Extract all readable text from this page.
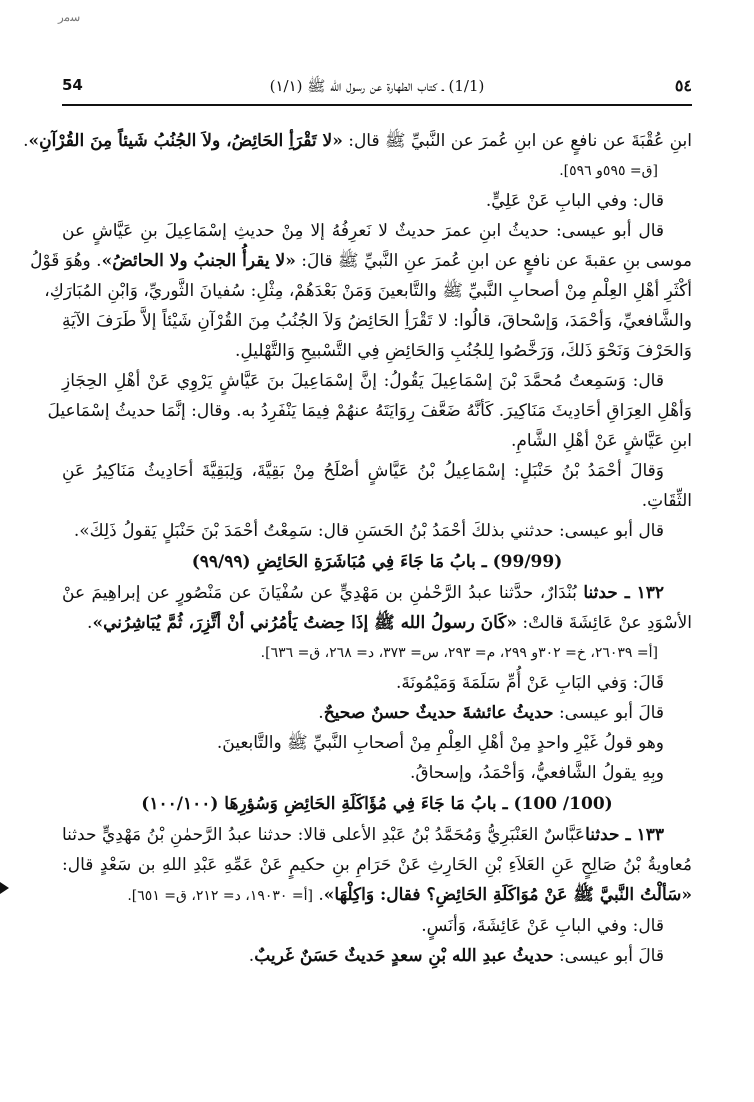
ﺳﻣﺭ
٥٤
(1/1) ـ كتاب الطهارة عن رسول الله ﷺ (١/١)
54
ابنِ عُقْبَةَ عن نافعٍ عن ابنِ عُمرَ عن النَّبيِّ ﷺ قال: «لا تَقْرَأِ الحَائِضُ، ولاَ الجُنُبُ شَيئاً مِنَ القُرْآنِ».
[ق= ٥٩٥و ٥٩٦].
قال: وفي البابِ عَنْ عَلِيٍّ.
قال أبو عيسى: حديثُ ابنِ عمرَ حديثٌ لا نَعرِفُهُ إلا مِنْ حديثِ إسْمَاعِيلَ بنِ عَيَّاشٍ عن
موسى بنِ عقبةَ عن نافعٍ عن ابنِ عُمرَ عنِ النَّبيِّ ﷺ قالَ: «لا يقرأُ الجنبُ ولا الحائضُ». وهُوَ قَوْلُ
أكْثَرِ أهْلِ العِلْمِ مِنْ أصحابِ النَّبيِّ ﷺ والتَّابعينَ وَمَنْ بَعْدَهُمْ، مِثْلِ: سُفيانَ الثَّوريِّ، وَابْنِ المُبَارَكِ،
والشَّافعيِّ، وَأحْمَدَ، وَإسْحاقَ، قالُوا: لا تَقْرَأِ الحَائِضُ وَلاَ الجُنُبُ مِنَ القُرْآنِ شَيْئاً إلاَّ طَرَفَ الآيَةِ
وَالحَرْفَ وَنَحْوَ ذَلكَ، وَرَخَّصُوا لِلجُنُبِ وَالحَائِضِ فِي التَّسْبيحِ وَالتَّهْليلِ.
قال: وَسَمِعتُ مُحمَّدَ بْنَ إسْمَاعِيلَ يَقُولُ: إنَّ إسْمَاعِيلَ بنَ عَيَّاشٍ يَرْوِي عَنْ أهْلِ الحِجَازِ
وَأهْلِ العِرَاقِ أحَادِيثَ مَنَاكِيرَ. كَأنَّهُ ضَعَّفَ رِوَايَتَهُ عنهُمْ فِيمَا يَنْفَرِدُ به. وقال: إنَّمَا حديثُ إسْمَاعيلَ
ابنِ عَيَّاشٍ عَنْ أهْلِ الشَّامِ.
وَقالَ أحْمَدُ بْنُ حَنْبَلٍ: إسْمَاعِيلُ بْنُ عَيَّاشٍ أصْلَحُ مِنْ بَقِيَّةَ، وَلِبَقِيَّةَ أحَادِيثُ مَنَاكِيرُ عَنِ
الثِّقَاتِ.
قال أبو عيسى: حدثني بذلكَ أحْمَدُ بْنُ الحَسَنِ قال: سَمِعْتُ أحْمَدَ بْنَ حَنْبَلٍ يَقولُ ذَلِكَ».
(99/99) ـ بابُ مَا جَاءَ فِي مُبَاشَرَةِ الحَائِضِ (٩٩/٩٩)
١٣٢ ـ حدثنا بُنْدَارٌ، حدَّثنا عبدُ الرَّحْمٰنِ بن مَهْدِيٍّ عن سُفْيَانَ عن مَنْصُورٍ عن إبراهِيمَ عنْ
الأسْوَدِ عنْ عَائِشَةَ قالتْ: «كَانَ رسولُ الله ﷺ إذَا حِضتُ يَأمُرُني أنْ أتَّزِرَ، ثُمَّ يُبَاشِرُني».
[أ= ٢٦٠٣٩، خ= ٣٠٢و ٢٩٩، م= ٢٩٣، س= ٣٧٣، د= ٢٦٨، ق= ٦٣٦].
قَالَ: وَفي البَابِ عَنْ أُمِّ سَلَمَةَ وَمَيْمُونَةَ.
قالَ أبو عيسى: حديثُ عائشةَ حديثٌ حسنٌ صحيحٌ.
وهو قولُ غَيْرِ واحدٍ مِنْ أهْلِ العِلْمِ مِنْ أصحابِ النَّبيِّ ﷺ والتَّابعينَ.
وبِهِ يقولُ الشَّافعيُّ، وَأحْمَدُ، وإسحاقُ.
(100/ 100) ـ بابُ مَا جَاءَ فِي مُؤَاكَلَةِ الحَائِضِ وَسُؤرِهَا (١٠٠/١٠٠)
١٣٣ ـ حدثناعَبَّاسٌ العَنْبَرِيُّ وَمُحَمَّدُ بْنُ عَبْدِ الأعلى قالا: حدثنا عبدُ الرَّحمٰنِ بْنُ مَهْدِيٍّ حدثنا
مُعاويةُ بْنُ صَالِحٍ عَنِ العَلاَءِ بْنِ الحَارِثِ عَنْ حَرَامِ بنِ حكيمٍ عَنْ عَمِّهِ عَبْدِ اللهِ بن سَعْدٍ قال:
«سَألْتُ النَّبيَّ ﷺ عَنْ مُوَاكَلَةِ الحَائِضِ؟ فقال: وَاكِلْهَا». [أ= ١٩٠٣٠، د= ٢١٢، ق= ٦٥١].
قال: وفي البابِ عَنْ عَائِشَةَ، وَأنَسٍ.
قالَ أبو عيسى: حديثُ عبدِ الله بْنِ سعدٍ حَديثٌ حَسَنٌ غَريبٌ.
